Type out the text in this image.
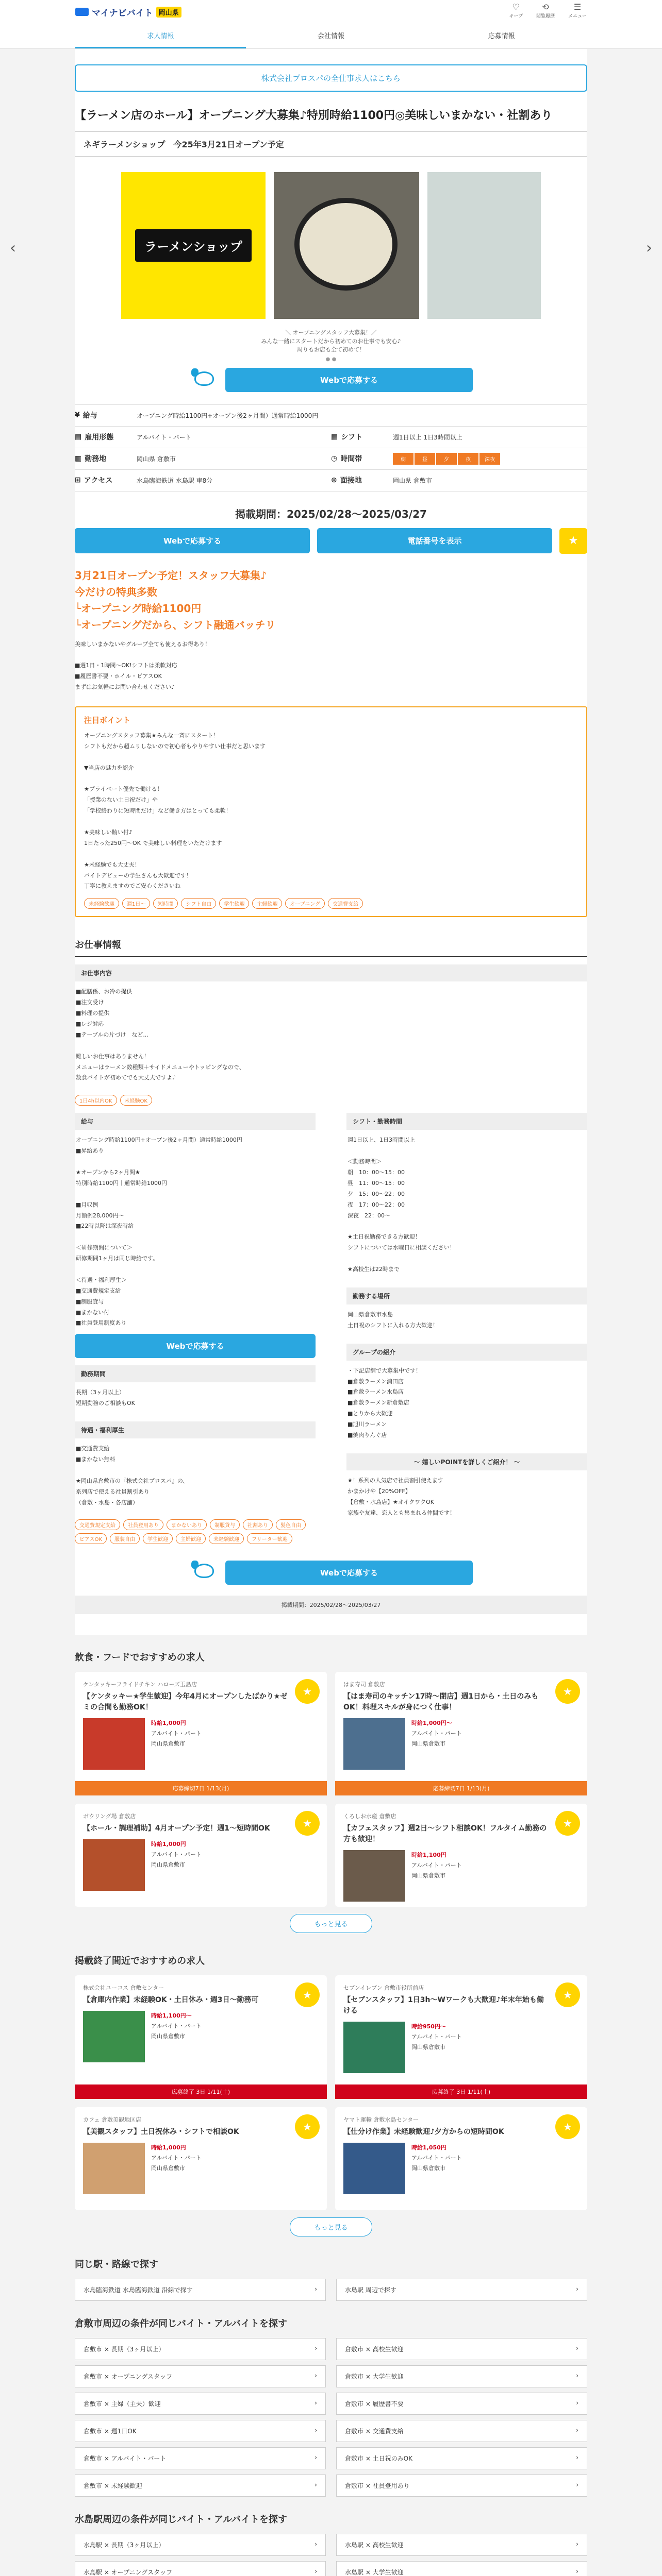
マイナビバイト 岡山県
♡
キープ
⟲
閲覧履歴
☰
メニュー
求人情報	会社情報	応募情報
株式会社プロスパの全仕事求人はこちら
【ラーメン店のホール】オープニング大募集♪特別時給1100円◎美味しいまかない・社割あり
ネギラーメンショップ　今25年3月21日オープン予定
‹	ラーメンショップ	›
＼ オープニングスタッフ大募集！／
みんな一緒にスタートだから初めてのお仕事でも安心♪
周りもお店も全て初めて！
● ●
Webで応募する
¥ 給与	オープニング時給1100円+オープン後2ヶ月間）通常時給1000円
▤ 雇用形態	アルバイト・パート	▦ シフト	週1日以上 1日3時間以上
▥ 勤務地	岡山県 倉敷市	◷ 時間帯	朝	昼	夕	夜	深夜
⊞ アクセス	水島臨海鉄道 水島駅 車8分	⊙ 面接地	岡山県 倉敷市
掲載期間：2025/02/28〜2025/03/27
Webで応募する	電話番号を表示	★
3月21日オープン予定！スタッフ大募集♪
今だけの特典多数
└オープニング時給1100円
└オープニングだから、シフト融通バッチリ
美味しいまかないやグループ全ても使えるお得あり！

■週1日・1時間〜OK!シフトは柔軟対応
■履歴書不要・ホイル・ピアスOK
まずはお気軽にお問い合わせください♪
注目ポイント

オープニングスタッフ募集★みんな一斉にスタート！
シフトもだから超ムリしないので初心者もやりやすい仕事だと思います

▼当店の魅力を紹介

★プライベート優先で働ける！
「授業のない土日祝だけ」や
「学校終わりに短時間だけ」など働き方はとっても柔軟！

★美味しい賄い付♪
1日たった250円〜OK で美味しい料理をいただけます

★未経験でも大丈夫！
バイトデビューの学生さんも大歓迎です！
丁寧に教えますのでご安心くださいね

未経験歓迎	週1日〜	短時間	シフト自由	学生歓迎	主婦歓迎	オープニング	交通費支給
お仕事情報
お仕事内容
■配膳係、お冷の提供
■注文受け
■料理の提供
■レジ対応
■テーブルの片づけ　など...

難しいお仕事はありません！
メニューはラーメン数種類＋サイドメニューやトッピングなので、
数食バイトが初めてでも大丈夫ですよ♪
1日4h以内OK	未経験OK
給与
オープニング時給1100円+オープン後2ヶ月間）通常時給1000円
■昇給あり

★オープンから2ヶ月間★
特別時給1100円｜通常時給1000円

■月収例
月額例28,000円〜
■22時以降は深夜時給

＜研修期間について＞
研修期間1ヶ月は同じ時給です。

＜待遇・福利厚生＞
■交通費規定支給
■制服貸与
■まかない付
■社員登用制度あり
Webで応募する
勤務期間
長期（3ヶ月以上）
短期勤務のご相談もOK
待遇・福利厚生
■交通費支給
■まかない無料

★岡山県倉敷市の『株式会社プロスパ』の、
系列店で使える社員割引あり
（倉敷・水島・各店舗）
交通費規定支給	社員登用あり	まかないあり	制服貸与	社割あり	髪色自由
ピアスOK	服装自由	学生歓迎	主婦歓迎	未経験歓迎	フリーター歓迎
シフト・勤務時間
週1日以上、1日3時間以上

＜勤務時間＞
朝　10：00〜15：00
昼　11：00〜15：00
夕　15：00〜22：00
夜　17：00〜22：00
深夜　22：00〜

★土日祝勤務できる方歓迎！
シフトについては水曜日に相談ください！

★高校生は22時まで
勤務する場所
岡山県倉敷市水島
土日祝のシフトに入れる方大歓迎！
グループの紹介
・下記店舗で大募集中です！
■倉敷ラーメン浦田店
■倉敷ラーメン水島店
■倉敷ラーメン新倉敷店
■とりから大歓迎
■旭川ラーメン
■焼肉りんぐ店
〜 嬉しいPOINTを詳しくご紹介！ 〜
★！系列の人気店で社員割引使えます
かまかけや【20%OFF】
【倉敷・水島店】★オイクワクOK
家族や友達、恋人とも集まれる仲間です！
Webで応募する
掲載期間：2025/02/28〜2025/03/27
飲食・フードでおすすめの求人
ケンタッキーフライドチキン ハローズ玉島店
【ケンタッキー★学生歓迎】今年4月にオープンしたばかり★ゼミの合間も勤務OK！
★
時給1,000円
アルバイト・パート
岡山県倉敷市
応募締切7日 1/13(月)
はま寿司 倉敷店
【はま寿司のキッチン17時〜閉店】週1日から・土日のみもOK！料理スキルが身につく仕事！
★
時給1,000円〜
アルバイト・パート
岡山県倉敷市
応募締切7日 1/13(月)
ボウリング場 倉敷店
【ホール・調理補助】4月オープン予定！週1〜短時間OK	★
時給1,000円
アルバイト・パート
岡山県倉敷市
くろしお水産 倉敷店
【カフェスタッフ】週2日〜シフト相談OK！フルタイム勤務の方も歓迎！
★
時給1,100円
アルバイト・パート
岡山県倉敷市
もっと見る
掲載終了間近でおすすめの求人
株式会社ユーコス 倉敷センター
【倉庫内作業】未経験OK・土日休み・週3日〜勤務可	★
時給1,100円〜
アルバイト・パート
岡山県倉敷市
広募終了 3日 1/11(土)
セブンイレブン 倉敷市役所前店
【セブンスタッフ】1日3h〜Wワークも大歓迎♪年末年始も働ける
★
時給950円〜
アルバイト・パート
岡山県倉敷市
広募終了 3日 1/11(土)
カフェ 倉敷美観地区店
【美観スタッフ】土日祝休み・シフトで相談OK	★
時給1,000円
アルバイト・パート
岡山県倉敷市
ヤマト運輸 倉敷水島センター
【仕分け作業】未経験歓迎♪夕方からの短時間OK	★
時給1,050円
アルバイト・パート
岡山県倉敷市
もっと見る
同じ駅・路線で探す
水島臨海鉄道 水島臨海鉄道 沿線で探す	›	水島駅 周辺で探す	›
倉敷市周辺の条件が同じバイト・アルバイトを探す
倉敷市 × 長期（3ヶ月以上）	›	倉敷市 × 高校生歓迎	›
倉敷市 × オープニングスタッフ	›	倉敷市 × 大学生歓迎	›
倉敷市 × 主婦（主夫）歓迎	›	倉敷市 × 履歴書不要	›
倉敷市 × 週1日OK	›	倉敷市 × 交通費支給	›
倉敷市 × アルバイト・パート	›	倉敷市 × 土日祝のみOK	›
倉敷市 × 未経験歓迎	›	倉敷市 × 社員登用あり	›
水島駅周辺の条件が同じバイト・アルバイトを探す
水島駅 × 長期（3ヶ月以上）	›	水島駅 × 高校生歓迎	›
水島駅 × オープニングスタッフ	›	水島駅 × 大学生歓迎	›
